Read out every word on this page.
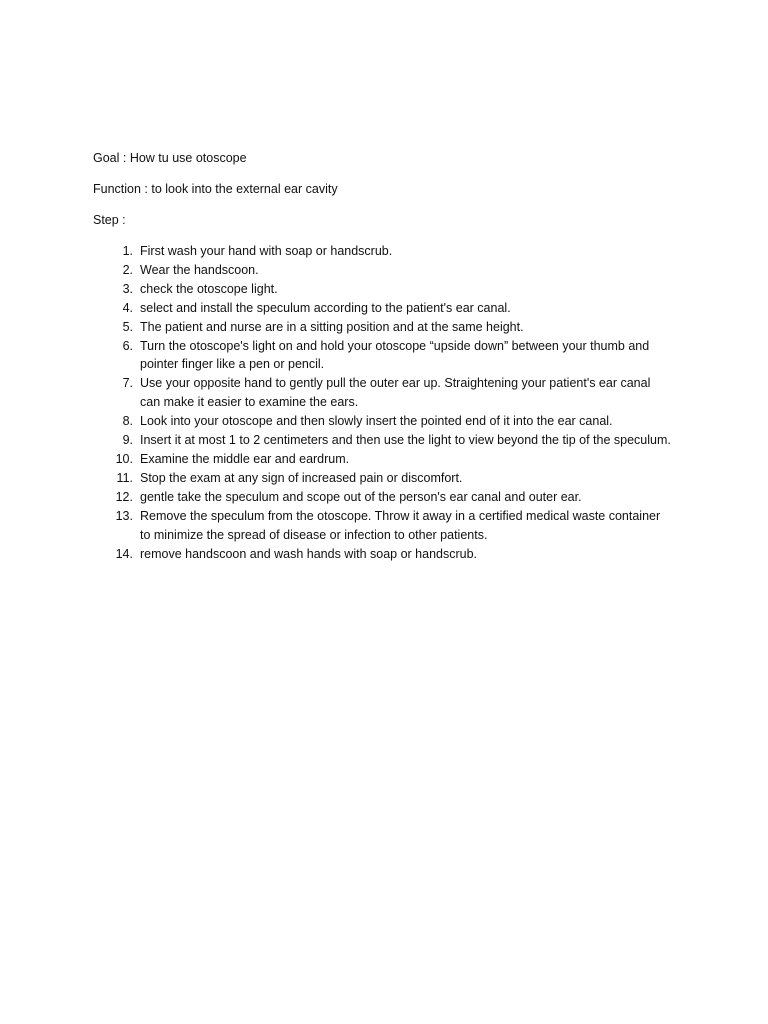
Goal : How tu use otoscope
Function : to look into the external ear cavity
Step :
1. First wash your hand with soap or handscrub.
2. Wear the handscoon.
3. check the otoscope light.
4. select and install the speculum according to the patient's ear canal.
5. The patient and nurse are in a sitting position and at the same height.
6. Turn the otoscope's light on and hold your otoscope “upside down” between your thumb and pointer finger like a pen or pencil.
7. Use your opposite hand to gently pull the outer ear up. Straightening your patient's ear canal can make it easier to examine the ears.
8. Look into your otoscope and then slowly insert the pointed end of it into the ear canal.
9. Insert it at most 1 to 2 centimeters and then use the light to view beyond the tip of the speculum.
10. Examine the middle ear and eardrum.
11. Stop the exam at any sign of increased pain or discomfort.
12. gentle take the speculum and scope out of the person's ear canal and outer ear.
13. Remove the speculum from the otoscope. Throw it away in a certified medical waste container to minimize the spread of disease or infection to other patients.
14. remove handscoon and wash hands with soap or handscrub.
